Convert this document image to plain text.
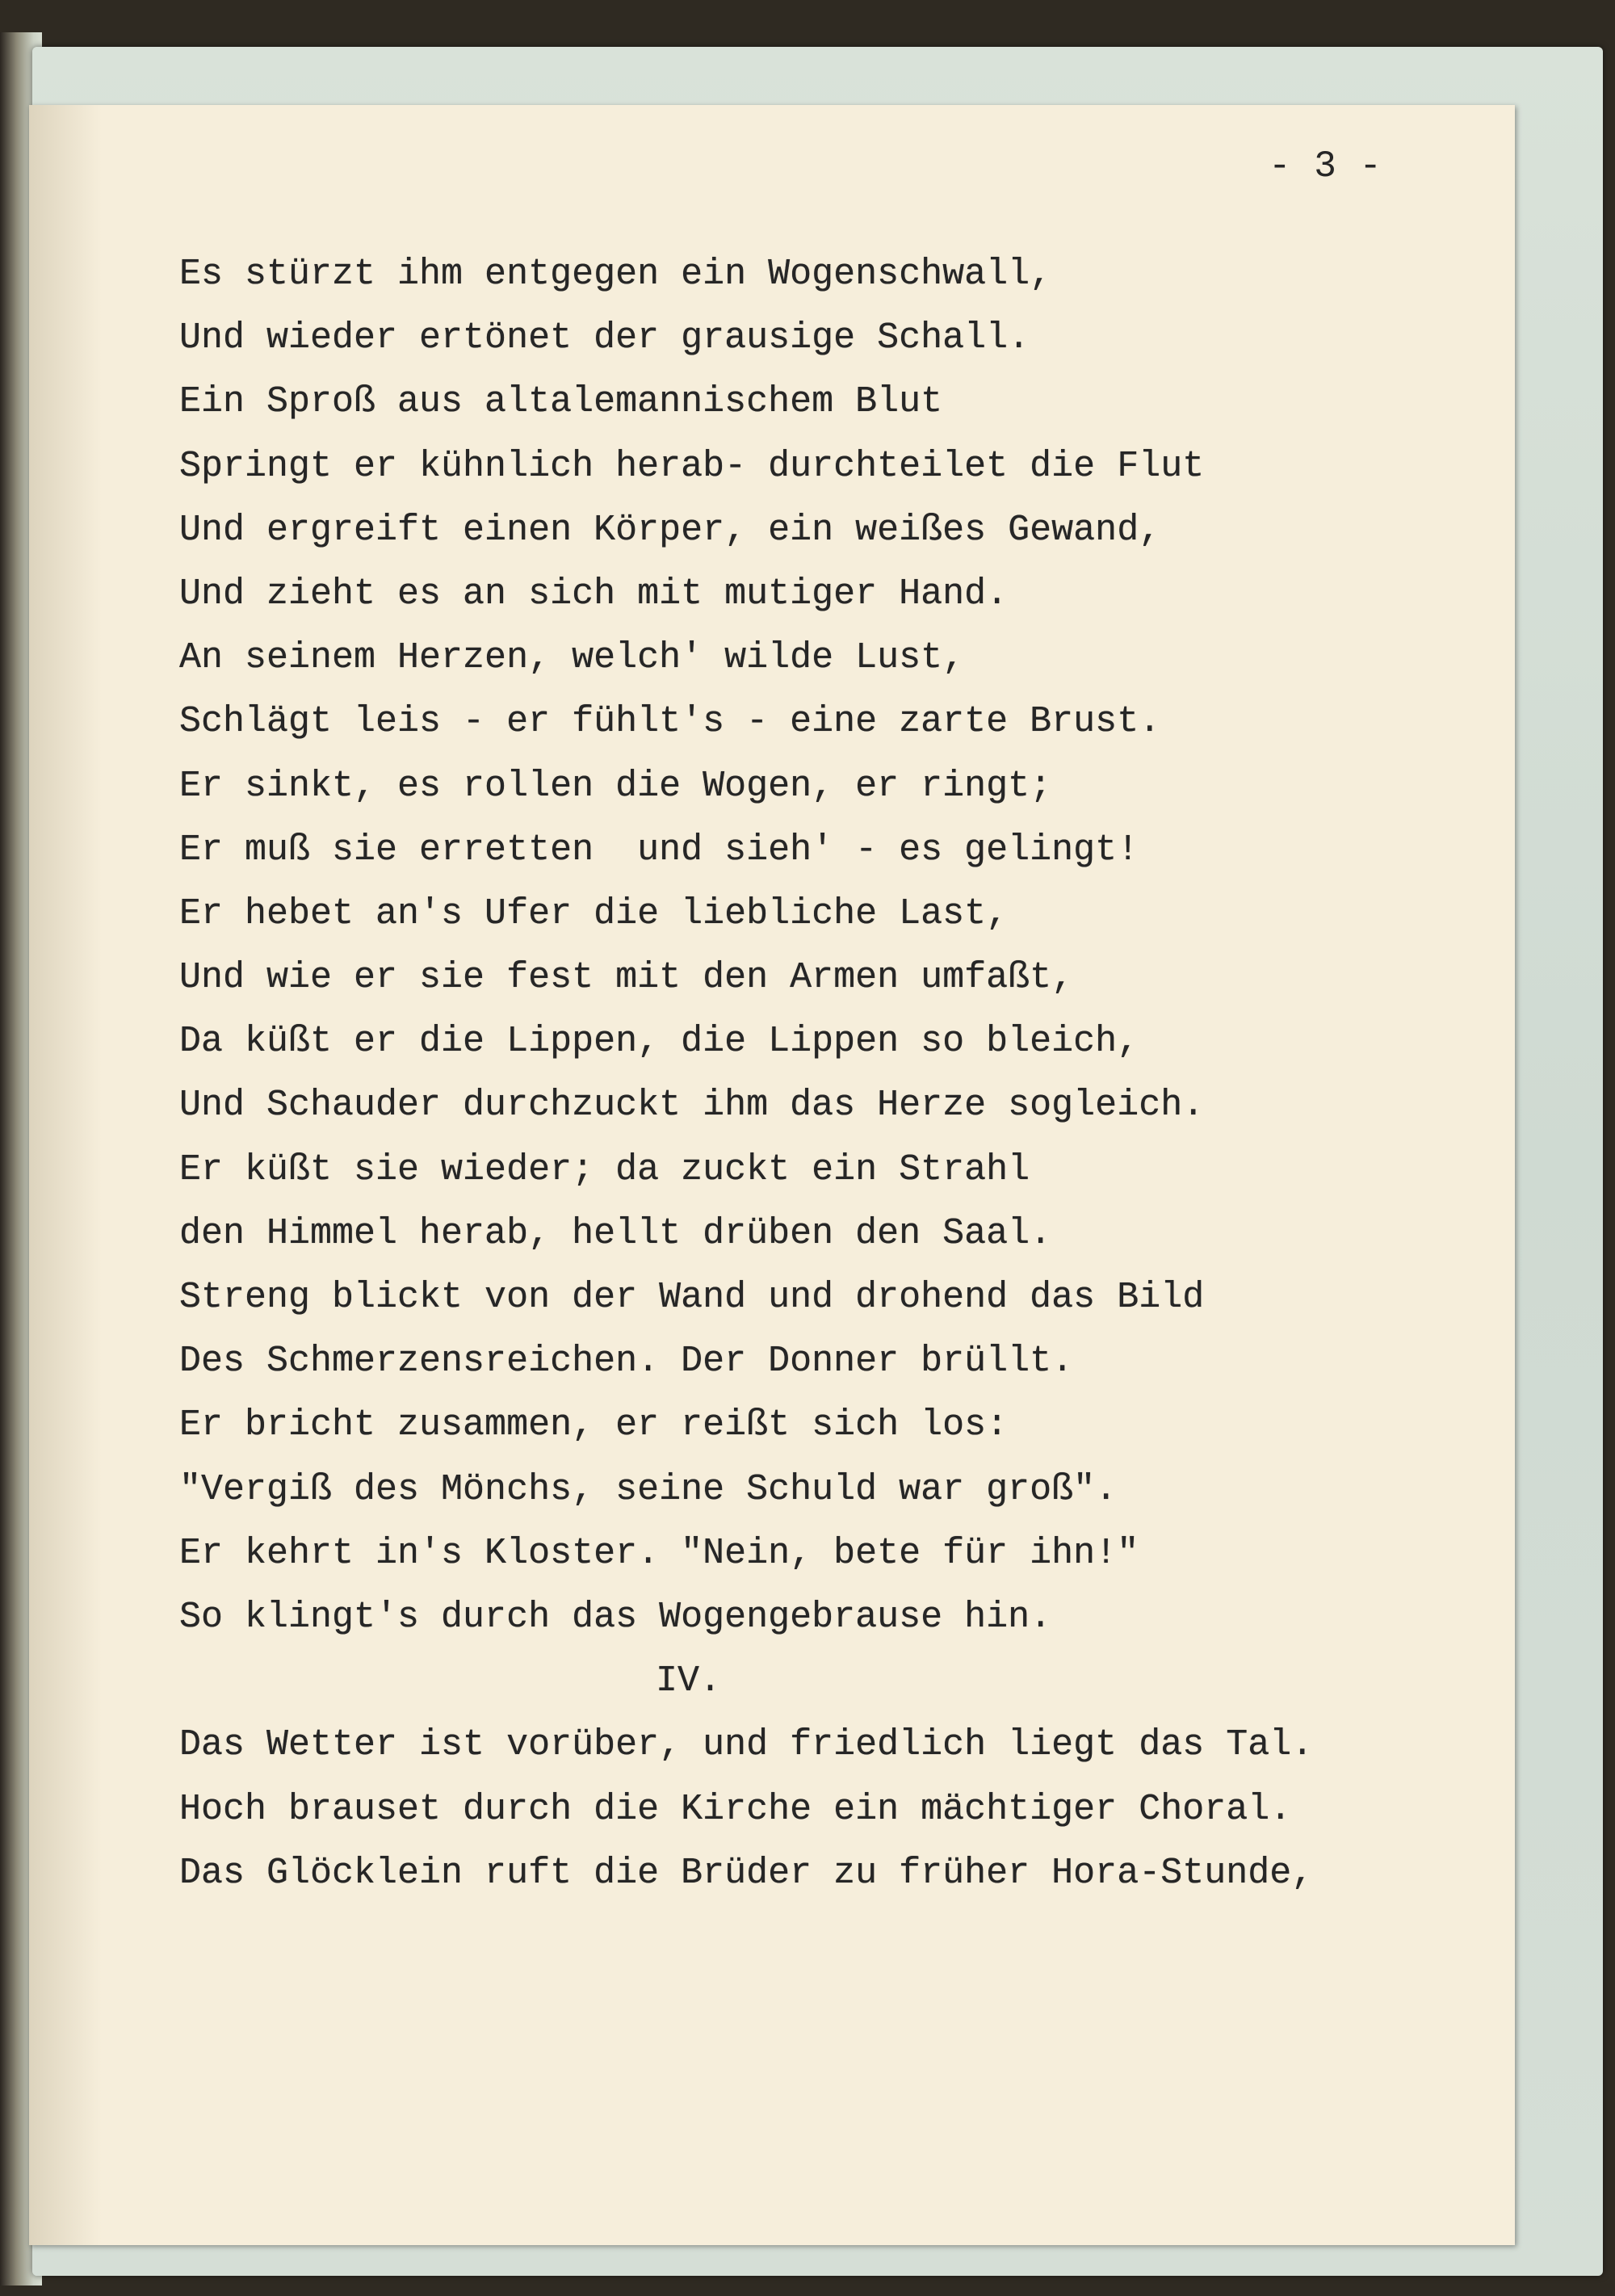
- 3 -
Es stürzt ihm entgegen ein Wogenschwall,
Und wieder ertönet der grausige Schall.
Ein Sproß aus altalemannischem Blut
Springt er kühnlich herab- durchteilet die Flut
Und ergreift einen Körper, ein weißes Gewand,
Und zieht es an sich mit mutiger Hand.
An seinem Herzen, welch' wilde Lust,
Schlägt leis - er fühlt's - eine zarte Brust.
Er sinkt, es rollen die Wogen, er ringt;
Er muß sie erretten  und sieh' - es gelingt!
Er hebet an's Ufer die liebliche Last,
Und wie er sie fest mit den Armen umfaßt,
Da küßt er die Lippen, die Lippen so bleich,
Und Schauder durchzuckt ihm das Herze sogleich.
Er küßt sie wieder; da zuckt ein Strahl
den Himmel herab, hellt drüben den Saal.
Streng blickt von der Wand und drohend das Bild
Des Schmerzensreichen. Der Donner brüllt.
Er bricht zusammen, er reißt sich los:
"Vergiß des Mönchs, seine Schuld war groß".
Er kehrt in's Kloster. "Nein, bete für ihn!"
So klingt's durch das Wogengebrause hin.
IV.
Das Wetter ist vorüber, und friedlich liegt das Tal.
Hoch brauset durch die Kirche ein mächtiger Choral.
Das Glöcklein ruft die Brüder zu früher Hora-Stunde,
